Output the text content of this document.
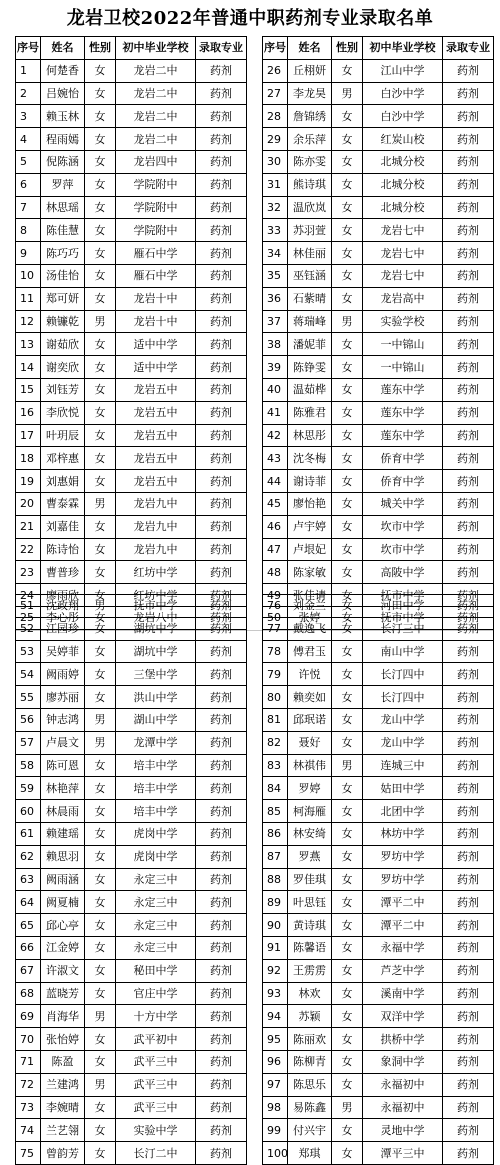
龙岩卫校2022年普通中职药剂专业录取名单
序号	姓名	性别	初中毕业学校	录取专业
1	何楚香	女	龙岩二中	药剂
2	吕婉怡	女	龙岩二中	药剂
3	赖玉林	女	龙岩二中	药剂
4	程雨嫣	女	龙岩二中	药剂
5	倪陈涵	女	龙岩四中	药剂
6	罗萍	女	学院附中	药剂
7	林思瑶	女	学院附中	药剂
8	陈佳慧	女	学院附中	药剂
9	陈巧巧	女	雁石中学	药剂
10	汤佳怡	女	雁石中学	药剂
11	郑可妍	女	龙岩十中	药剂
12	赖镰乾	男	龙岩十中	药剂
13	谢茹欣	女	适中中学	药剂
14	谢奕欣	女	适中中学	药剂
15	刘钰芳	女	龙岩五中	药剂
16	李欣悦	女	龙岩五中	药剂
17	叶玥辰	女	龙岩五中	药剂
18	邓梓惠	女	龙岩五中	药剂
19	刘惠娟	女	龙岩五中	药剂
20	曹泰霖	男	龙岩九中	药剂
21	刘嘉佳	女	龙岩九中	药剂
22	陈诗怡	女	龙岩九中	药剂
23	曹普珍	女	红坊中学	药剂
24	廖雨欣	女	红坊中学	药剂
25	李心彤	女	龙岩八中	药剂
序号	姓名	性别	初中毕业学校	录取专业
26	丘栩妍	女	江山中学	药剂
27	李龙昊	男	白沙中学	药剂
28	詹锦绣	女	白沙中学	药剂
29	余乐萍	女	红炭山校	药剂
30	陈亦雯	女	北城分校	药剂
31	熊诗琪	女	北城分校	药剂
32	温欣岚	女	北城分校	药剂
33	苏羽萱	女	龙岩七中	药剂
34	林佳丽	女	龙岩七中	药剂
35	巫钰涵	女	龙岩七中	药剂
36	石紫晴	女	龙岩高中	药剂
37	蒋瑞峰	男	实验学校	药剂
38	潘妮菲	女	一中锦山	药剂
39	陈铮雯	女	一中锦山	药剂
40	温茹桦	女	莲东中学	药剂
41	陈雅君	女	莲东中学	药剂
42	林思彤	女	莲东中学	药剂
43	沈冬梅	女	侨育中学	药剂
44	谢诗菲	女	侨育中学	药剂
45	廖怡艳	女	城关中学	药剂
46	卢宇婷	女	坎市中学	药剂
47	卢垠妃	女	坎市中学	药剂
48	陈家敏	女	高陂中学	药剂
49	张佳请	女	抚市中学	药剂
50	张婷	女	抚市中学	药剂
51	沈政翔	男	抚市中学	药剂
52	江园珍	女	湖坑中学	药剂
53	吴婷菲	女	湖坑中学	药剂
54	阙雨婷	女	三堡中学	药剂
55	廖苏丽	女	洪山中学	药剂
56	钟志鸿	男	湖山中学	药剂
57	卢晨文	男	龙潭中学	药剂
58	陈可恩	女	培丰中学	药剂
59	林艳萍	女	培丰中学	药剂
60	林晨雨	女	培丰中学	药剂
61	赖建瑶	女	虎岗中学	药剂
62	赖思羽	女	虎岗中学	药剂
63	阙雨涵	女	永定三中	药剂
64	阙夏楠	女	永定三中	药剂
65	邱心亭	女	永定三中	药剂
66	江金婷	女	永定三中	药剂
67	许淑文	女	秘田中学	药剂
68	蓝晓芳	女	官庄中学	药剂
69	肖海华	男	十方中学	药剂
70	张怡婷	女	武平初中	药剂
71	陈盈	女	武平三中	药剂
72	兰建鸿	男	武平三中	药剂
73	李婉晴	女	武平三中	药剂
74	兰艺翎	女	实验中学	药剂
75	曾韵芳	女	长汀二中	药剂
76	刘金兰	女	河田中学	药剂
77	戴逸飞	女	长汀三中	药剂
78	傅君玉	女	南山中学	药剂
79	许悦	女	长汀四中	药剂
80	赖奕如	女	长汀四中	药剂
81	邱珉诺	女	龙山中学	药剂
82	聂好	女	龙山中学	药剂
83	林祺伟	男	连城三中	药剂
84	罗婷	女	姑田中学	药剂
85	柯海雁	女	北团中学	药剂
86	林安绮	女	林坊中学	药剂
87	罗燕	女	罗坊中学	药剂
88	罗佳琪	女	罗坊中学	药剂
89	叶思钰	女	潭平二中	药剂
90	黄诗琪	女	潭平二中	药剂
91	陈馨语	女	永福中学	药剂
92	王雳雳	女	芦芝中学	药剂
93	林欢	女	溪南中学	药剂
94	苏颖	女	双洋中学	药剂
95	陈丽欢	女	拱桥中学	药剂
96	陈柳青	女	象洞中学	药剂
97	陈思乐	女	永福初中	药剂
98	易陈鑫	男	永福初中	药剂
99	付兴宇	女	灵地中学	药剂
100	郑琪	女	潭平三中	药剂
